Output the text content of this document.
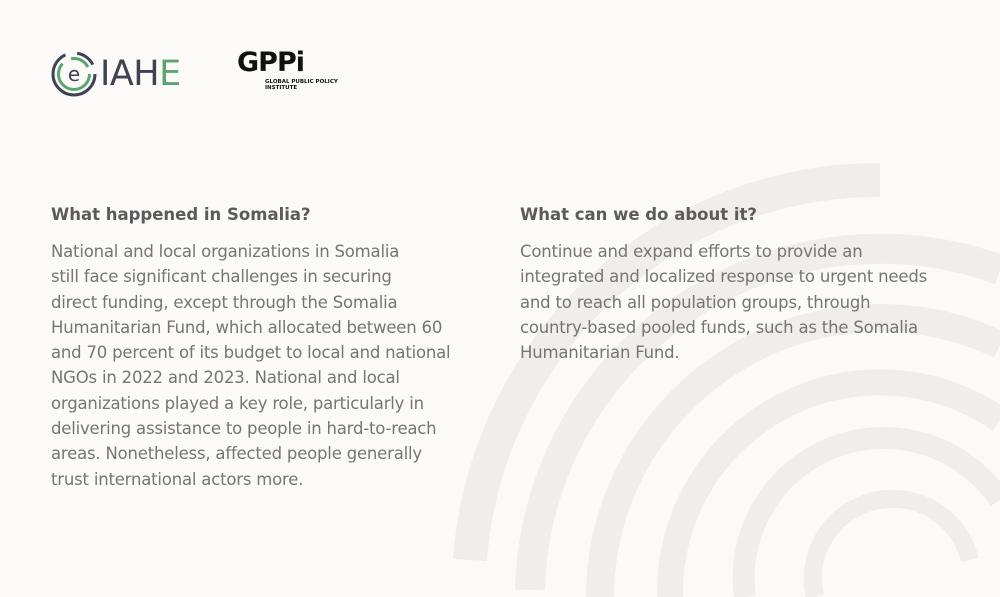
e IAHE GPPi
GLOBAL PUBLIC POLICY
INSTITUTE
What happened in Somalia?

National and local organizations in Somalia
still face significant challenges in securing
direct funding, except through the Somalia
Humanitarian Fund, which allocated between 60
and 70 percent of its budget to local and national
NGOs in 2022 and 2023. National and local
organizations played a key role, particularly in
delivering assistance to people in hard-to-reach
areas. Nonetheless, affected people generally
trust international actors more.

What can we do about it?

Continue and expand efforts to provide an
integrated and localized response to urgent needs
and to reach all population groups, through
country-based pooled funds, such as the Somalia
Humanitarian Fund.
